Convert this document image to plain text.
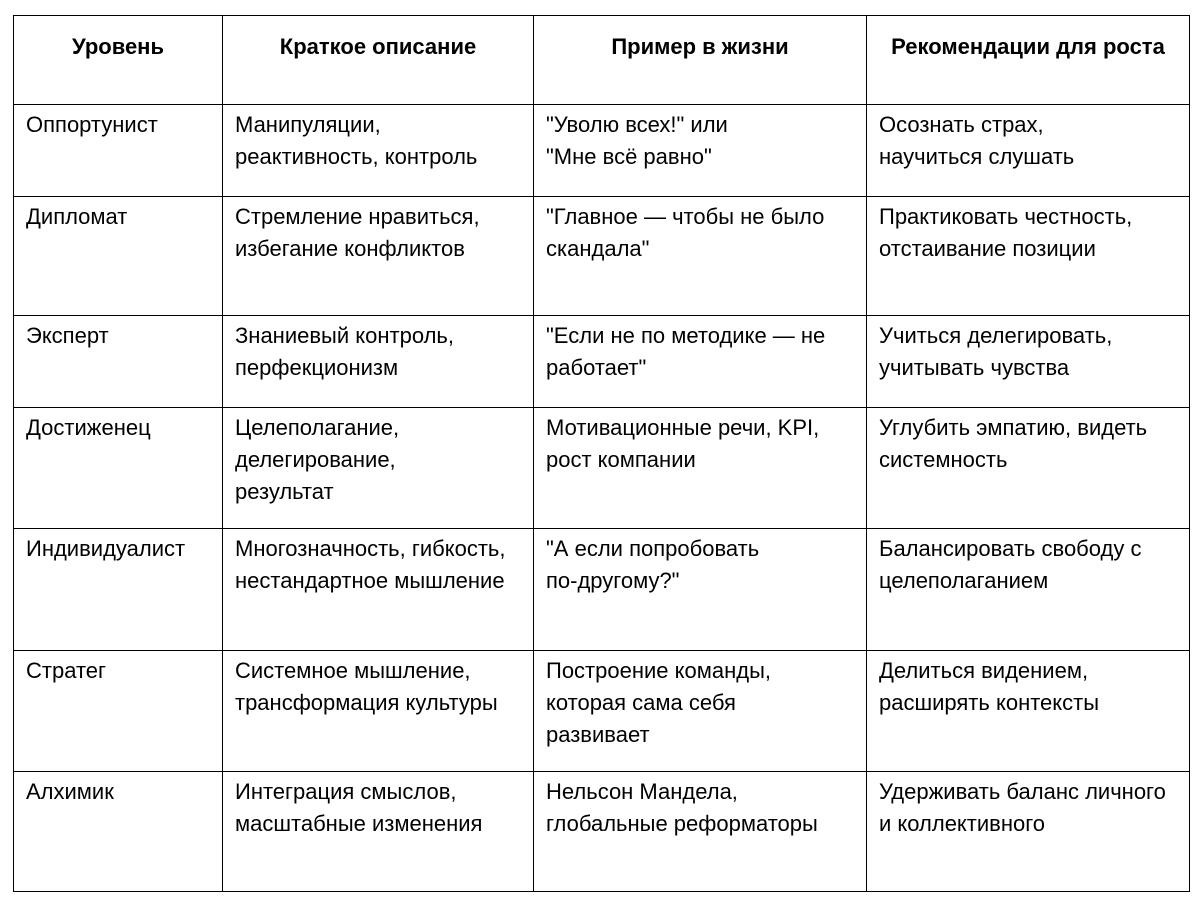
Уровень	Краткое описание	Пример в жизни	Рекомендации для роста
Оппортунист	Манипуляции, реактивность, контроль	"Уволю всех!" или "Мне всё равно"	Осознать страх, научиться слушать

Дипломат	Стремление нравиться, избегание конфликтов	"Главное — чтобы не было скандала"	Практиковать честность, отстаивание позиции

Эксперт	Знаниевый контроль, перфекционизм	"Если не по методике — не работает"	Учиться делегировать, учитывать чувства

Достиженец	Целеполагание, делегирование, результат	Мотивационные речи, KPI, рост компании	Углубить эмпатию, видеть системность

Индивидуалист	Многозначность, гибкость, нестандартное мышление	"А если попробовать по-другому?"	Балансировать свободу с целеполаганием

Стратег	Системное мышление, трансформация культуры	Построение команды, которая сама себя развивает	Делиться видением, расширять контексты

Алхимик	Интеграция смыслов, масштабные изменения	Нельсон Мандела, глобальные реформаторы	Удерживать баланс личного и коллективного
